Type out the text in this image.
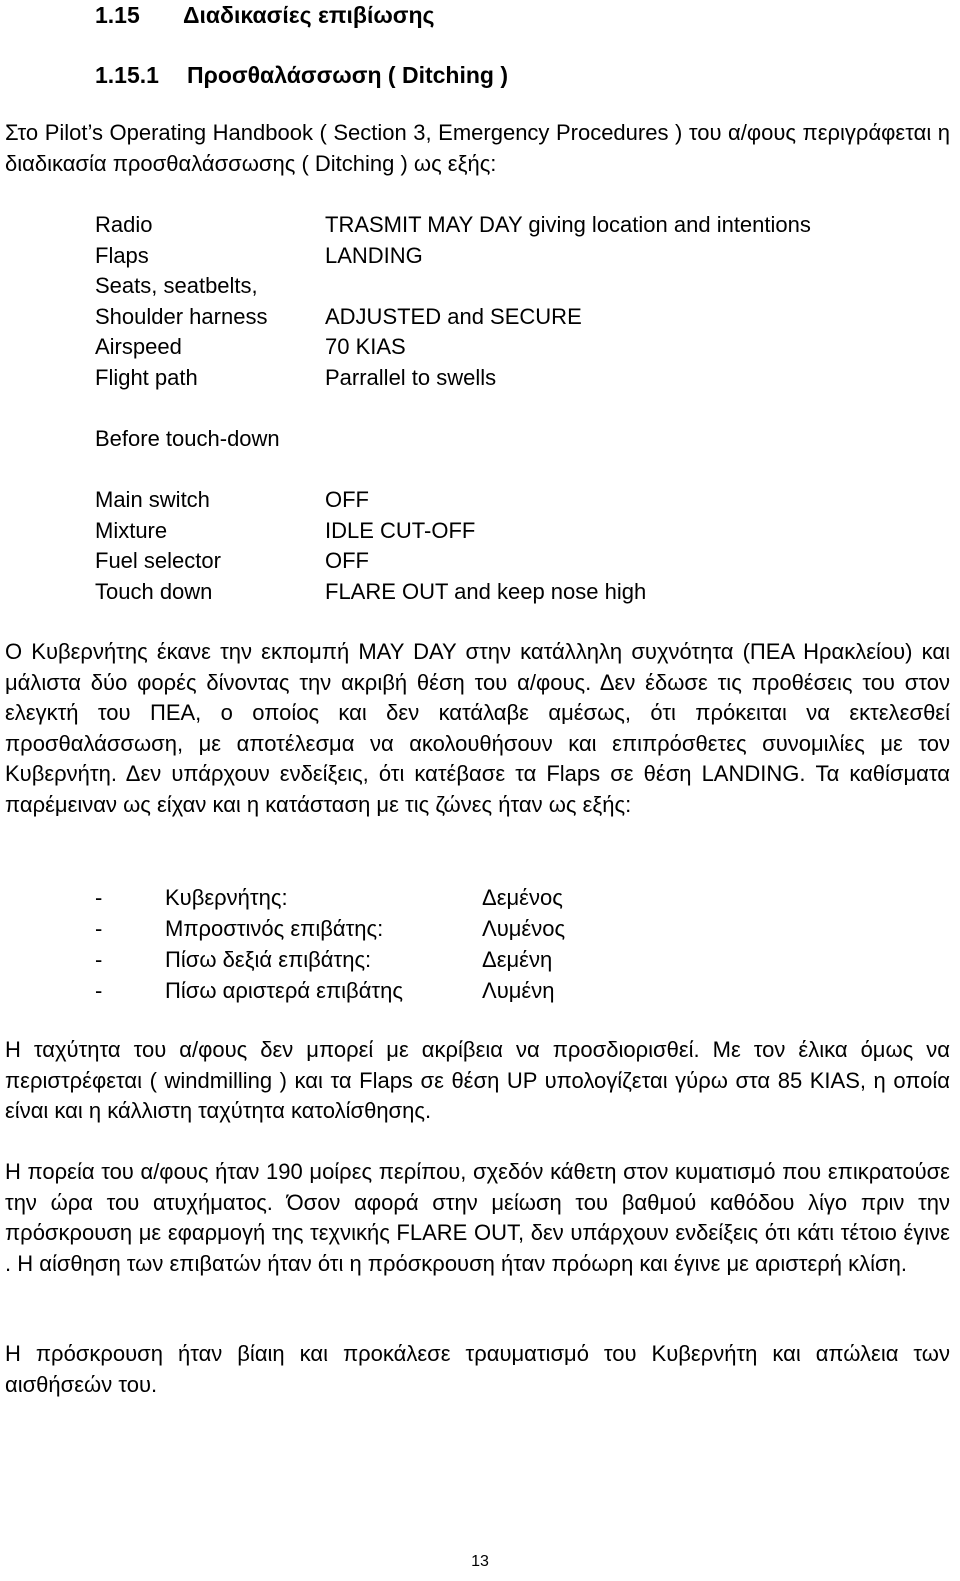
1.15 Διαδικασίες επιβίωσης
1.15.1 Προσθαλάσσωση ( Ditching )

Στο Pilot’s Operating Handbook ( Section 3, Emergency Procedures ) του α/φους περιγράφεται η διαδικασία προσθαλάσσωσης ( Ditching ) ως εξής:

Radio	TRASMIT MAY DAY giving location and intentions
Flaps	LANDING
Seats, seatbelts,
Shoulder harness	ADJUSTED and SECURE
Airspeed	70 KIAS
Flight path	Parrallel to swells
Before touch-down
Main switch	OFF
Mixture	IDLE CUT-OFF
Fuel selector	OFF
Touch down	FLARE OUT and keep nose high

Ο Κυβερνήτης έκανε την εκπομπή MAY DAY στην κατάλληλη συχνότητα (ΠΕΑ Ηρακλείου) και μάλιστα δύο φορές δίνοντας την ακριβή θέση του α/φους. Δεν έδωσε τις προθέσεις του στον ελεγκτή του ΠΕΑ, ο οποίος και δεν κατάλαβε αμέσως, ότι πρόκειται να εκτελεσθεί προσθαλάσσωση, με αποτέλεσμα να ακολουθήσουν και επιπρόσθετες συνομιλίες με τον Κυβερνήτη. Δεν υπάρχουν ενδείξεις, ότι κατέβασε τα Flaps σε θέση LANDING. Τα καθίσματα παρέμειναν ως είχαν και η κατάσταση με τις ζώνες ήταν ως εξής:

-	Κυβερνήτης:	Δεμένος
-	Μπροστινός επιβάτης:	Λυμένος
-	Πίσω δεξιά επιβάτης:	Δεμένη
-	Πίσω αριστερά επιβάτης	Λυμένη

Η ταχύτητα του α/φους δεν μπορεί με ακρίβεια να προσδιορισθεί. Με τον έλικα όμως να περιστρέφεται ( windmilling ) και τα Flaps σε θέση UP υπολογίζεται γύρω στα 85 KIAS, η οποία είναι και η κάλλιστη ταχύτητα κατολίσθησης.

Η πορεία του α/φους ήταν 190 μοίρες περίπου, σχεδόν κάθετη στον κυματισμό που επικρατούσε την ώρα του ατυχήματος. Όσον αφορά στην μείωση του βαθμού καθόδου λίγο πριν την πρόσκρουση με εφαρμογή της τεχνικής FLARE OUT, δεν υπάρχουν ενδείξεις ότι κάτι τέτοιο έγινε . Η αίσθηση των επιβατών ήταν ότι η πρόσκρουση ήταν πρόωρη και έγινε με αριστερή κλίση.

Η πρόσκρουση ήταν βίαιη και προκάλεσε τραυματισμό του Κυβερνήτη και απώλεια των αισθήσεών του.

13
